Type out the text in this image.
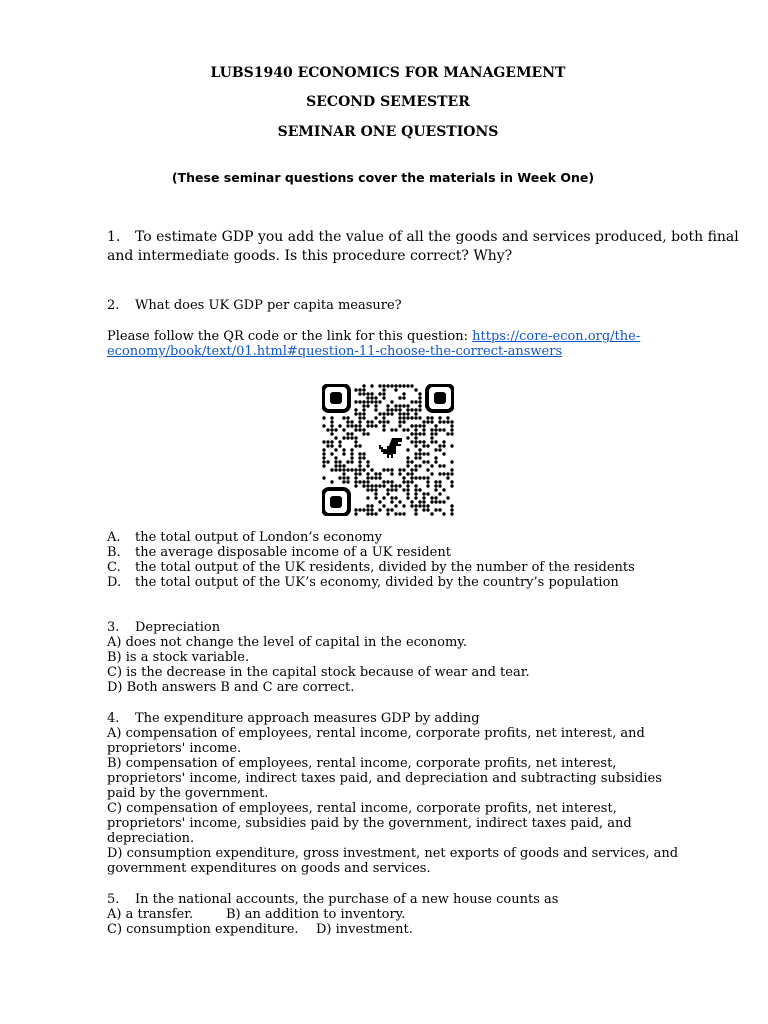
LUBS1940 ECONOMICS FOR MANAGEMENT
SECOND SEMESTER
SEMINAR ONE QUESTIONS
(These seminar questions cover the materials in Week One)
1. To estimate GDP you add the value of all the goods and services produced, both final
and intermediate goods. Is this procedure correct? Why?
2. What does UK GDP per capita measure?
Please follow the QR code or the link for this question: https://core-econ.org/the-
economy/book/text/01.html#question-11-choose-the-correct-answers
A. the total output of London’s economy
B. the average disposable income of a UK resident
C. the total output of the UK residents, divided by the number of the residents
D. the total output of the UK’s economy, divided by the country’s population
3. Depreciation
A) does not change the level of capital in the economy.
B) is a stock variable.
C) is the decrease in the capital stock because of wear and tear.
D) Both answers B and C are correct.
4. The expenditure approach measures GDP by adding
A) compensation of employees, rental income, corporate profits, net interest, and
proprietors' income.
B) compensation of employees, rental income, corporate profits, net interest,
proprietors' income, indirect taxes paid, and depreciation and subtracting subsidies
paid by the government.
C) compensation of employees, rental income, corporate profits, net interest,
proprietors' income, subsidies paid by the government, indirect taxes paid, and
depreciation.
D) consumption expenditure, gross investment, net exports of goods and services, and
government expenditures on goods and services.
5. In the national accounts, the purchase of a new house counts as
A) a transfer.	B) an addition to inventory.
C) consumption expenditure. D) investment.
